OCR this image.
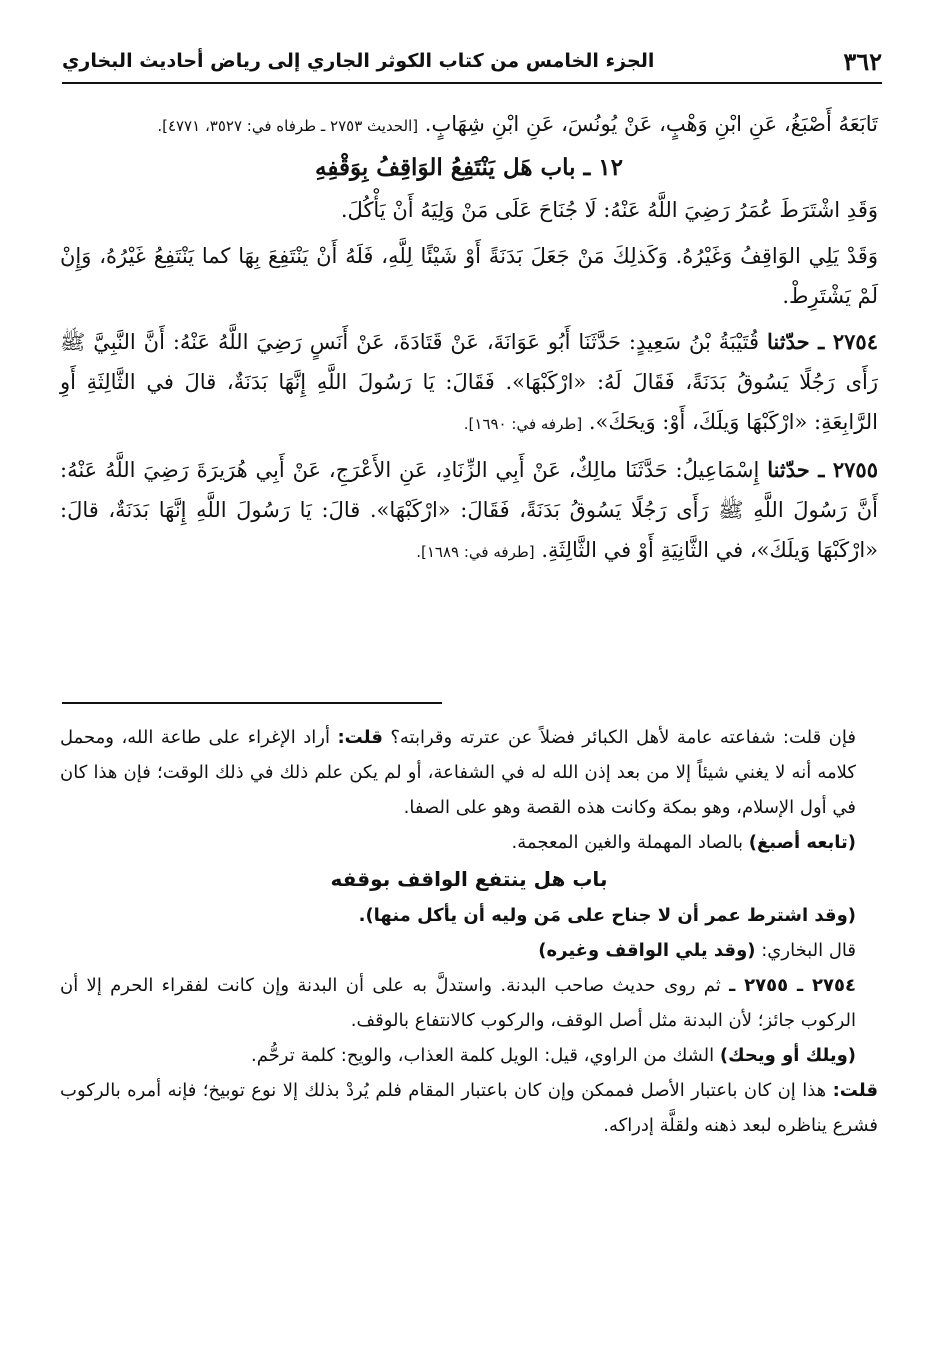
٣٦٢
الجزء الخامس من كتاب الكوثر الجاري إلى رياض أحاديث البخاري

تَابَعَهُ أَصْبَغُ، عَنِ ابْنِ وَهْبٍ، عَنْ يُونُسَ، عَنِ ابْنِ شِهَابٍ. [الحديث ٢٧٥٣ ـ طرفاه في: ٣٥٢٧، ٤٧٧١].

١٢ ـ باب هَل يَنْتَفِعُ الوَاقِفُ بِوَقْفِهِ

وَقَدِ اشْتَرَطَ عُمَرُ رَضِيَ اللَّهُ عَنْهُ: لَا جُنَاحَ عَلَى مَنْ وَلِيَهُ أَنْ يَأْكُلَ.

وَقَدْ يَلِي الوَاقِفُ وَغَيْرُهُ. وَكَذلِكَ مَنْ جَعَلَ بَدَنَةً أَوْ شَيْئًا لِلَّهِ، فَلَهُ أَنْ يَنْتَفِعَ بِهَا كما يَنْتَفِعُ غَيْرُهُ، وَإِنْ لَمْ يَشْتَرِطْ.

٢٧٥٤ ـ حدّثنا قُتَيْبَةُ بْنُ سَعِيدٍ: حَدَّثَنَا أَبُو عَوَانَةَ، عَنْ قَتَادَةَ، عَنْ أَنَسٍ رَضِيَ اللَّهُ عَنْهُ: أَنَّ النَّبِيَّ ﷺ رَأَى رَجُلًا يَسُوقُ بَدَنَةً، فَقَالَ لَهُ: «ارْكَبْهَا». فَقَالَ: يَا رَسُولَ اللَّهِ إِنَّهَا بَدَنَةٌ، قالَ في الثَّالِثَةِ أَوِ الرَّابِعَةِ: «ارْكَبْهَا وَيلَكَ، أَوْ: وَيحَكَ». [طرفه في: ١٦٩٠].

٢٧٥٥ ـ حدّثنا إِسْمَاعِيلُ: حَدَّثَنَا مالِكٌ، عَنْ أَبِي الزِّنَادِ، عَنِ الأَعْرَجِ، عَنْ أَبِي هُرَيرَةَ رَضِيَ اللَّهُ عَنْهُ: أَنَّ رَسُولَ اللَّهِ ﷺ رَأَى رَجُلًا يَسُوقُ بَدَنَةً، فَقَالَ: «ارْكَبْهَا». قالَ: يَا رَسُولَ اللَّهِ إِنَّهَا بَدَنَةٌ، قالَ: «ارْكَبْهَا وَيلَكَ»، في الثَّانِيَةِ أَوْ في الثَّالِثَةِ. [طرفه في: ١٦٨٩].

فإن قلت: شفاعته عامة لأهل الكبائر فضلاً عن عترته وقرابته؟ قلت: أراد الإغراء على طاعة الله، ومحمل كلامه أنه لا يغني شيئاً إلا من بعد إذن الله له في الشفاعة، أو لم يكن علم ذلك في ذلك الوقت؛ فإن هذا كان في أول الإسلام، وهو بمكة وكانت هذه القصة وهو على الصفا.

(تابعه أصبغ) بالصاد المهملة والغين المعجمة.

باب هل ينتفع الواقف بوقفه

(وقد اشترط عمر أن لا جناح على مَن وليه أن يأكل منها).

قال البخاري: (وقد يلي الواقف وغيره)

٢٧٥٤ ـ ٢٧٥٥ ـ ثم روى حديث صاحب البدنة. واستدلَّ به على أن البدنة وإن كانت لفقراء الحرم إلا أن الركوب جائز؛ لأن البدنة مثل أصل الوقف، والركوب كالانتفاع بالوقف.

(ويلك أو ويحك) الشك من الراوي، قيل: الويل كلمة العذاب، والويح: كلمة ترحُّم.

قلت: هذا إن كان باعتبار الأصل فممكن وإن كان باعتبار المقام فلم يُردْ بذلك إلا نوع توبيخ؛ فإنه أمره بالركوب فشرع يناظره لبعد ذهنه ولقلَّة إدراكه.
